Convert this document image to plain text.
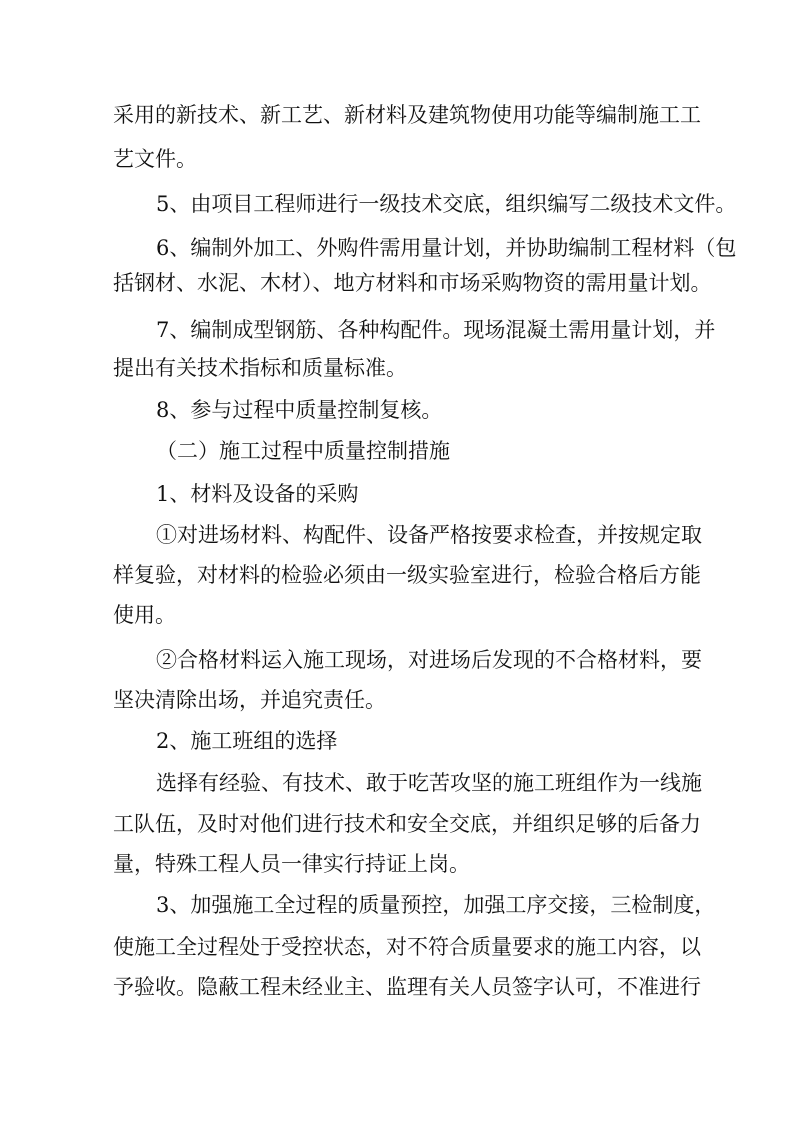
采用的新技术、新工艺、新材料及建筑物使用功能等编制施工工

艺文件。

5、由项目工程师进行一级技术交底，组织编写二级技术文件。

6、编制外加工、外购件需用量计划，并协助编制工程材料（包

括钢材、水泥、木材）、地方材料和市场采购物资的需用量计划。

7、编制成型钢筋、各种构配件。现场混凝土需用量计划，并

提出有关技术指标和质量标准。

8、参与过程中质量控制复核。

（二）施工过程中质量控制措施

1、材料及设备的采购

①对进场材料、构配件、设备严格按要求检查，并按规定取

样复验，对材料的检验必须由一级实验室进行，检验合格后方能

使用。

②合格材料运入施工现场，对进场后发现的不合格材料，要

坚决清除出场，并追究责任。

2、施工班组的选择

选择有经验、有技术、敢于吃苦攻坚的施工班组作为一线施

工队伍，及时对他们进行技术和安全交底，并组织足够的后备力

量，特殊工程人员一律实行持证上岗。

3、加强施工全过程的质量预控，加强工序交接，三检制度，

使施工全过程处于受控状态，对不符合质量要求的施工内容，以

予验收。隐蔽工程未经业主、监理有关人员签字认可，不准进行
